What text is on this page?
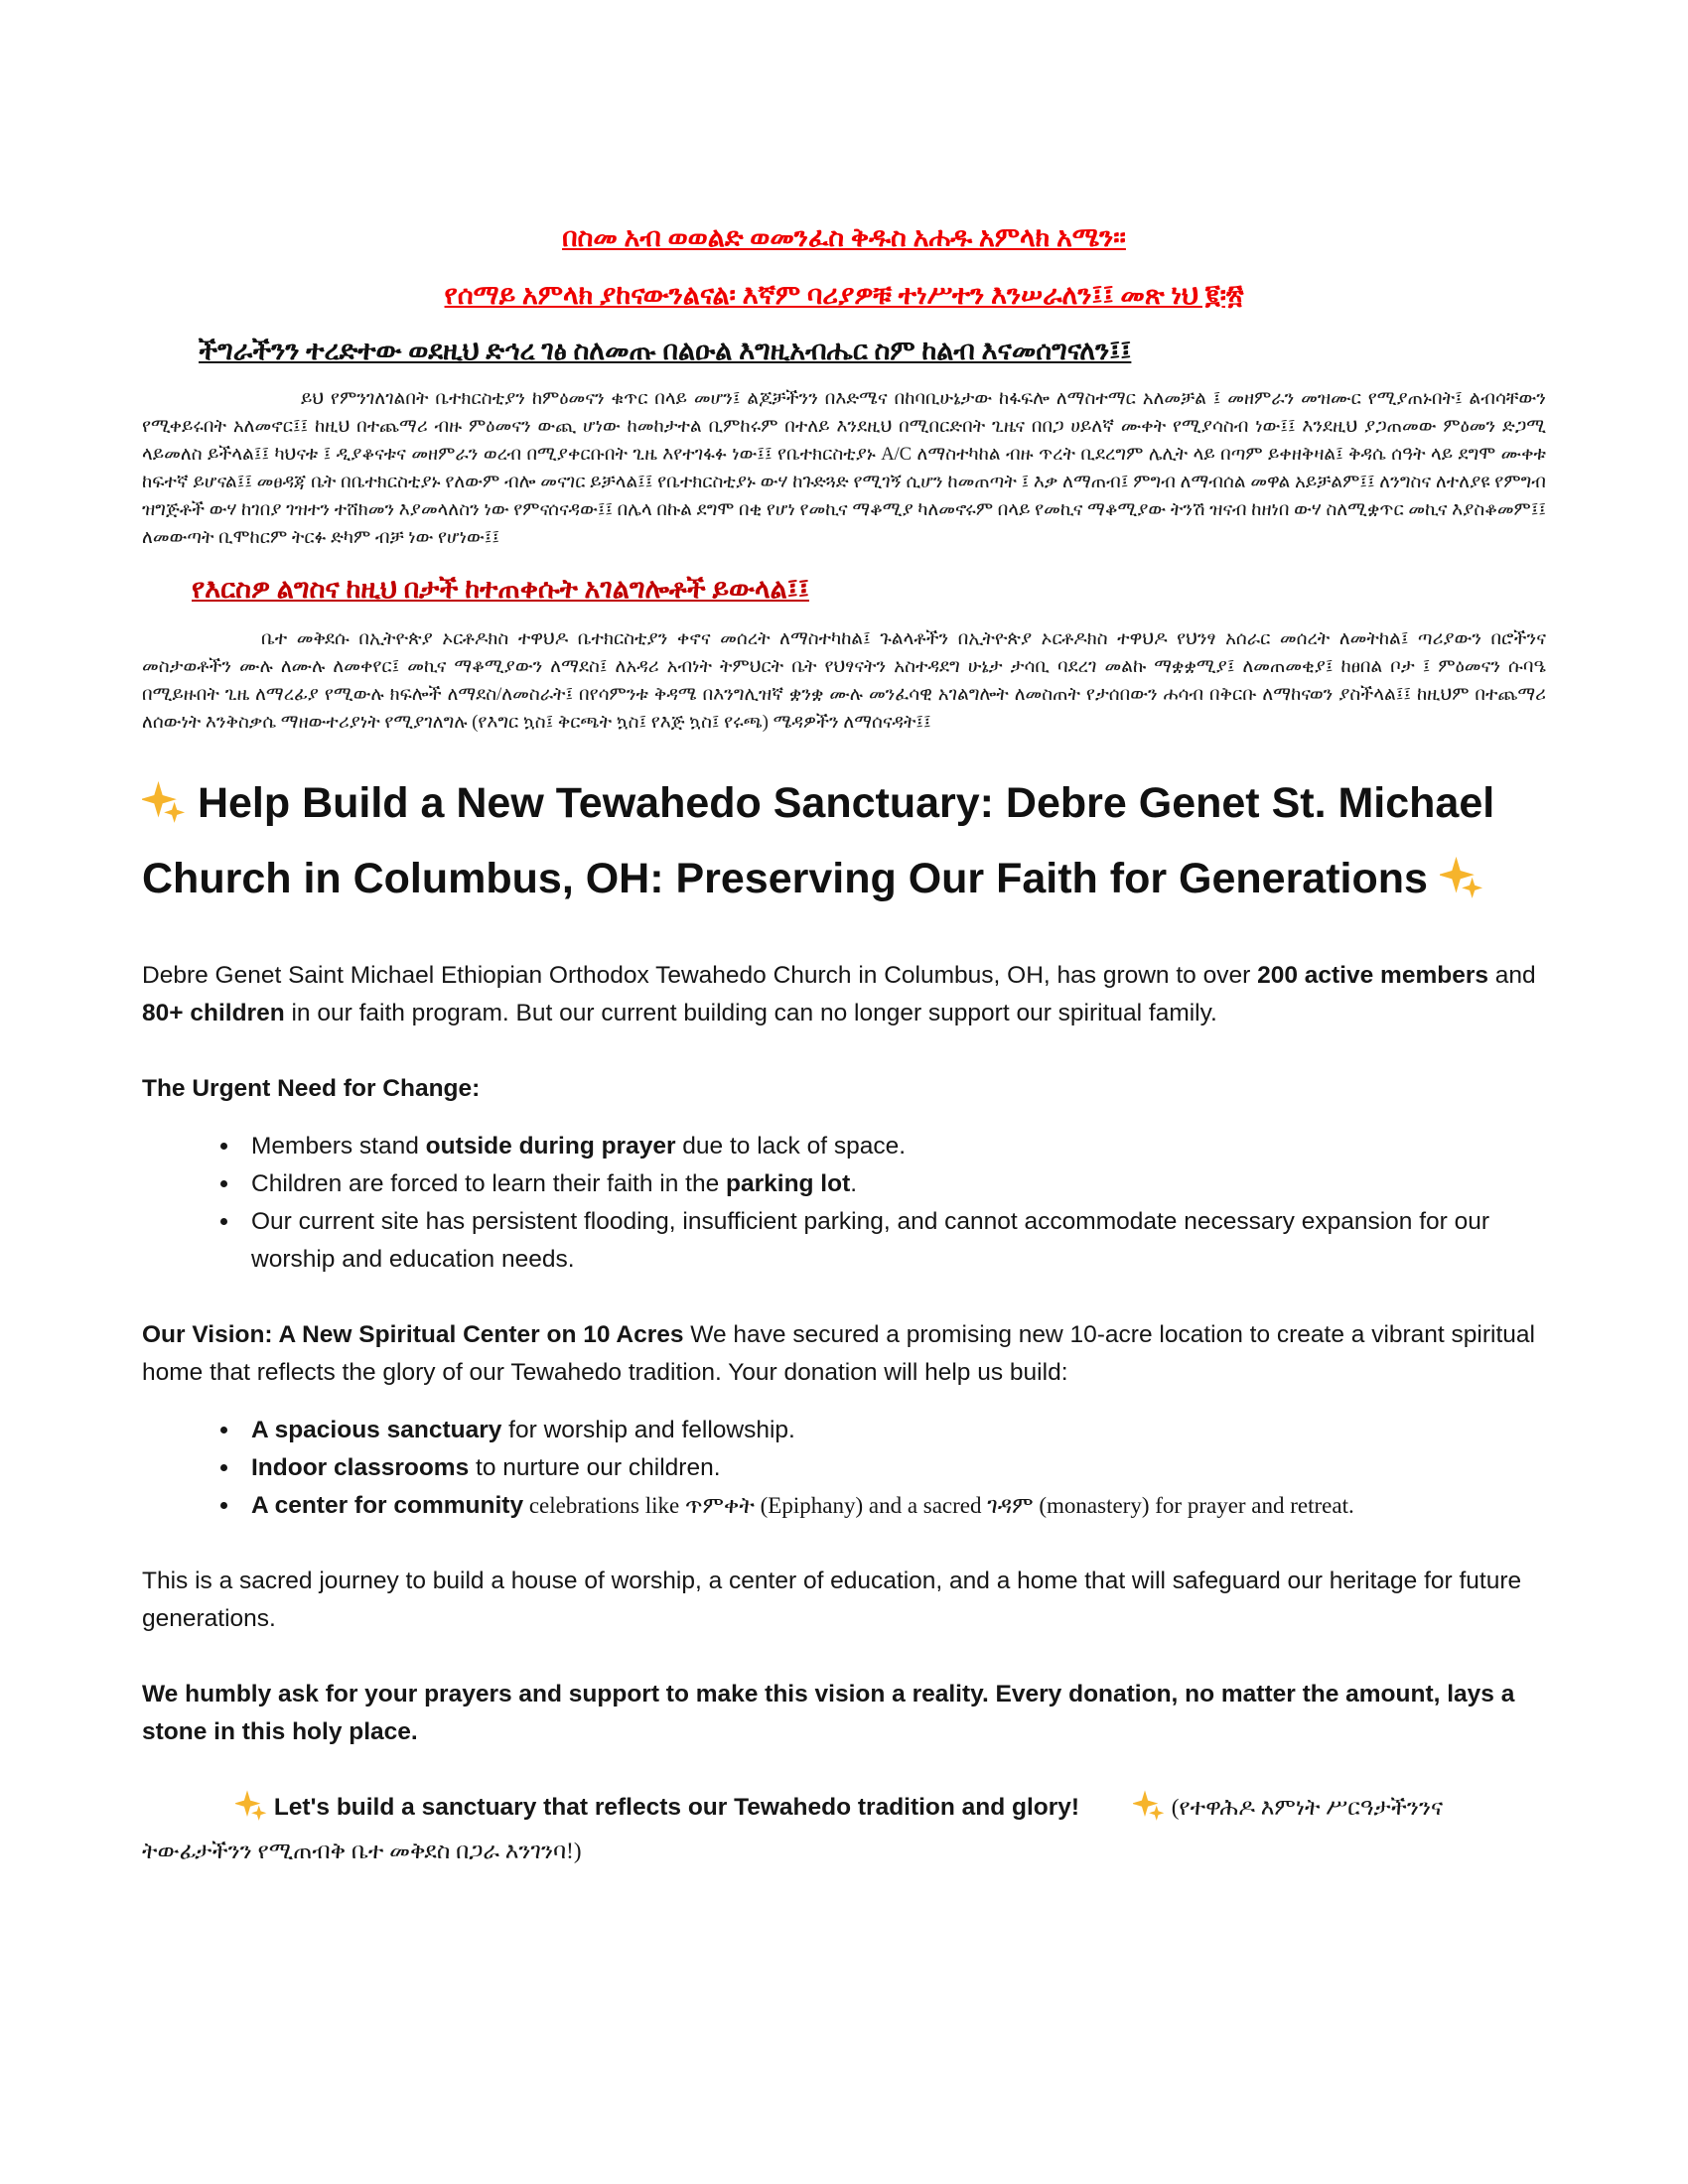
በስመ አብ ወወልድ ወመንፈስ ቅዱስ አሐዱ አምላክ አሜን።

የሰማይ አምላክ ያከናውንልናል፡ እኛም ባሪያዎቹ ተነሥተን እንሠራለን፤፤ መጽ ነህ ፪፡፳

ችግራችንን ተረድተው ወደዚህ ድኅረ ገፅ ስለመጡ በልዑል እግዚአብሔር ስም ከልብ እናመሰግናለን፤፤

ይህ የምንገለገልበት ቤተክርስቲያን ከምዕመናን ቁጥር በላይ መሆን፤ ልጆቻችንን በእድሜና በከባቢሁኔታው ከፋፍሎ ለማስተማር አለመቻል ፤ መዘምራን መዝሙር የሚያጠኑበት፤ ልብሳቸውን የሚቀይሩበት አለመኖር፤፤ ከዚህ በተጨማሪ ብዙ ምዕመናን ውጪ ሆነው ከመከታተል ቢምከሩም በተለይ እንደዚህ በሚበርድበት ጊዜና በበጋ ሀይለኛ ሙቀት የሚያሳስብ ነው፤፤ እንደዚህ ያጋጠመው ምዕመን ድጋሚ ላይመለስ ይችላል፤፤ ካህናቱ ፤ ዲያቆናቱና መዘምራን ወረብ በሚያቀርቡበት ጊዜ እየተገፋፉ ነው፤፤ የቤተክርስቲያኑ A/C ለማስተካከል ብዙ ጥረት ቢደረግም ሌሊት ላይ በጣም ይቀዘቅዛል፤ ቅዳሴ ሰዓት ላይ ደግሞ ሙቀቱ ከፍተኛ ይሆናል፤፤ መፀዳጃ ቤት በቤተክርስቲያኑ የለውም ብሎ መናገር ይቻላል፤፤ የቤተክርስቲያኑ ውሃ ከጉድጓድ የሚገኝ ሲሆን ከመጠጣት ፤ እቃ ለማጠብ፤ ምግብ ለማብሰል መዋል አይቻልም፤፤ ለንግስና ለተለያዩ የምግብ ዝግጅቶች ውሃ ከገበያ ገዝተን ተሸክመን እያመላለስን ነው የምናሰናዳው፤፤ በሌላ በኩል ደግሞ በቂ የሆነ የመኪና ማቆሚያ ካለመኖሩም በላይ የመኪና ማቆሚያው ትንሽ ዝናብ ከዘነበ ውሃ ስለሚቋጥር መኪና እያስቆመም፤፤ ለመውጣት ቢሞከርም ትርፉ ድካም ብቻ ነው የሆነው፤፤

የእርስዎ ልግስና ከዚህ በታች ከተጠቀሱት አገልግሎቶች ይውላል፤፤

ቤተ መቅደሱ በኢትዮጵያ ኦርቶዶክስ ተዋህዶ ቤተክርስቲያን ቀኖና መሰረት ለማስተካከል፤ ጉልላቶችን በኢትዮጵያ ኦርቶዶክስ ተዋህዶ የህንፃ አሰራር መሰረት ለመትከል፤ ጣሪያውን በሮችንና መስታወቶችን ሙሉ ለሙሉ ለመቀየር፤ መኪና ማቆሚያውን ለማደስ፤ ለአዳሪ አብነት ትምህርት ቤት የህፃናትን አስተዳደግ ሁኔታ ታሳቢ ባደረገ መልኩ ማቋቋሚያ፤ ለመጠመቂያ፤ ከፀበል ቦታ ፤ ምዕመናን ሱባዔ በሚይዙበት ጊዜ ለማረፊያ የሚውሉ ክፍሎች ለማደስ/ለመስራት፤ በየሳምንቱ ቅዳሜ በእንግሊዝኛ ቋንቋ ሙሉ መንፈሳዊ አገልግሎት ለመስጠት የታሰበውን ሐሳብ በቅርቡ ለማከናወን ያስችላል፤፤ ከዚህም በተጨማሪ ለሰውነት እንቅስቃሴ ማዘውተሪያነት የሚያገለግሉ (የእግር ኳስ፤ ቅርጫት ኳስ፤ የእጅ ኳስ፤ የሩጫ) ሜዳዎችን ለማሰናዳት፤፤

Help Build a New Tewahedo Sanctuary: Debre Genet St. Michael Church in Columbus, OH: Preserving Our Faith for Generations

Debre Genet Saint Michael Ethiopian Orthodox Tewahedo Church in Columbus, OH, has grown to over 200 active members and 80+ children in our faith program. But our current building can no longer support our spiritual family.

The Urgent Need for Change:

• Members stand outside during prayer due to lack of space.
• Children are forced to learn their faith in the parking lot.
• Our current site has persistent flooding, insufficient parking, and cannot accommodate necessary expansion for our worship and education needs.

Our Vision: A New Spiritual Center on 10 Acres We have secured a promising new 10-acre location to create a vibrant spiritual home that reflects the glory of our Tewahedo tradition. Your donation will help us build:

• A spacious sanctuary for worship and fellowship.
• Indoor classrooms to nurture our children.
• A center for community celebrations like ጥምቀት (Epiphany) and a sacred ገዳም (monastery) for prayer and retreat.

This is a sacred journey to build a house of worship, a center of education, and a home that will safeguard our heritage for future generations.

We humbly ask for your prayers and support to make this vision a reality. Every donation, no matter the amount, lays a stone in this holy place.

Let's build a sanctuary that reflects our Tewahedo tradition and glory!	(የተዋሕዶ እምነት ሥርዓታችንንና ትውፊታችንን የሚጠብቅ ቤተ መቅደስ በጋራ እንገንባ!)
